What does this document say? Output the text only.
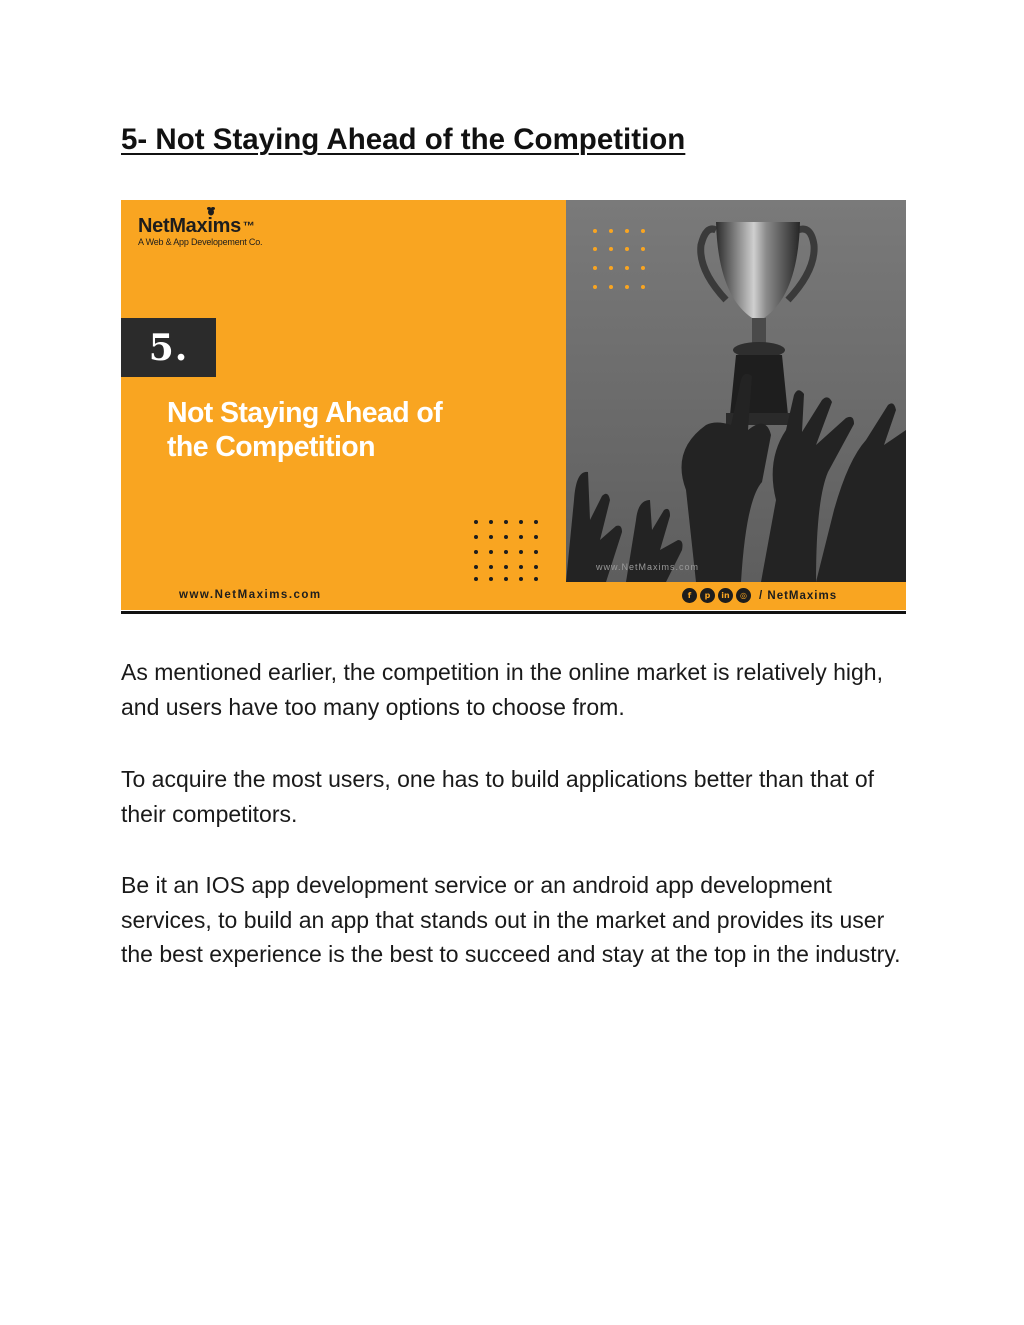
5- Not Staying Ahead of the Competition
www.NetMaxims.com
NetMaxims ™
A Web & App Developement Co.
5.
Not Staying Ahead of
the Competition
www.NetMaxims.com	f	p	in	◎	/ NetMaxims

As mentioned earlier, the competition in the online market is relatively high, and users have too many options to choose from.

To acquire the most users, one has to build applications better than that of their competitors.

Be it an IOS app development service or an android app development services, to build an app that stands out in the market and provides its user the best experience is the best to succeed and stay at the top in the industry.
